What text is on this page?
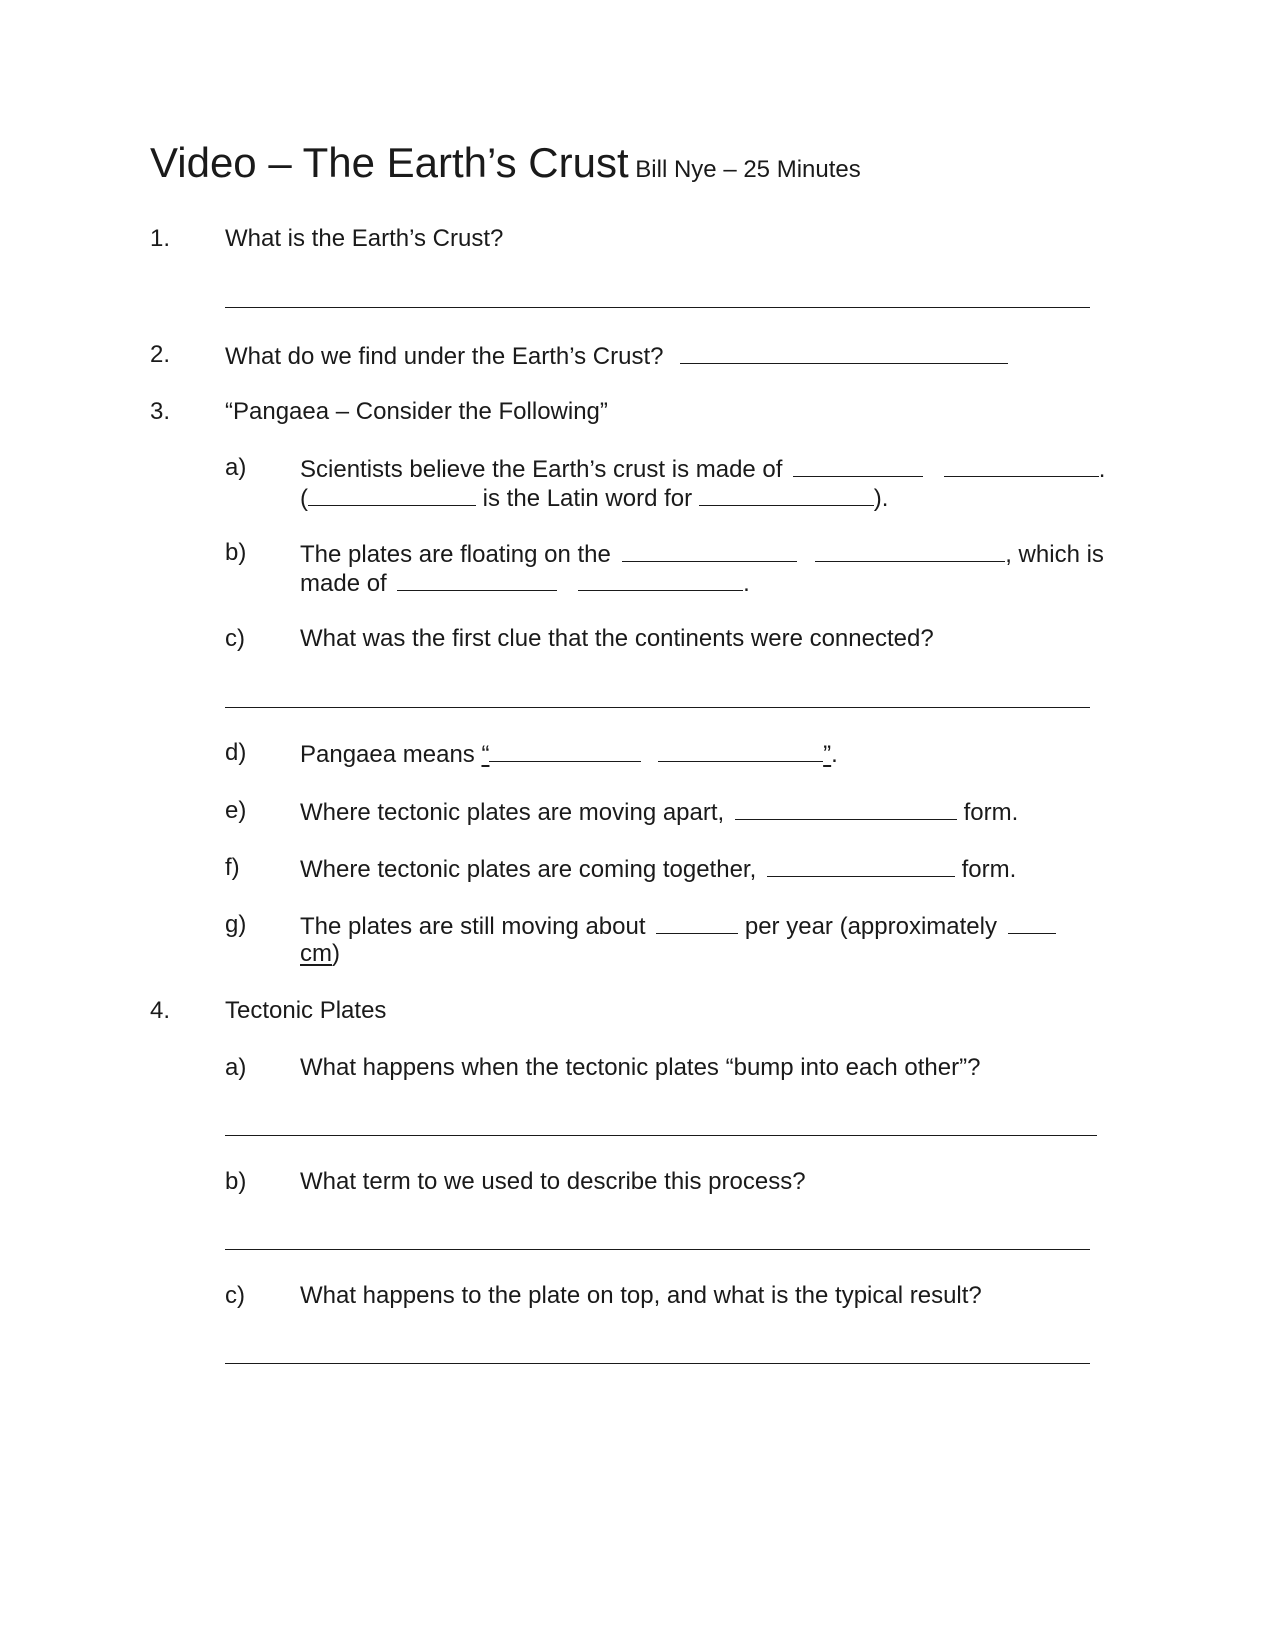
Video – The Earth’s Crust Bill Nye – 25 Minutes
1. What is the Earth’s Crust?
2. What do we find under the Earth’s Crust?
3. “Pangaea – Consider the Following”
a) Scientists believe the Earth’s crust is made of	.
(	is the Latin word for	).
b) The plates are floating on the	, which is
made of	.
c) What was the first clue that the continents were connected?
d) Pangaea means “	”.
e) Where tectonic plates are moving apart,	form.
f)	Where tectonic plates are coming together,	form.
g) The plates are still moving about	per year (approximately
cm)
4. Tectonic Plates
a) What happens when the tectonic plates “bump into each other”?
b) What term to we used to describe this process?
c) What happens to the plate on top, and what is the typical result?
